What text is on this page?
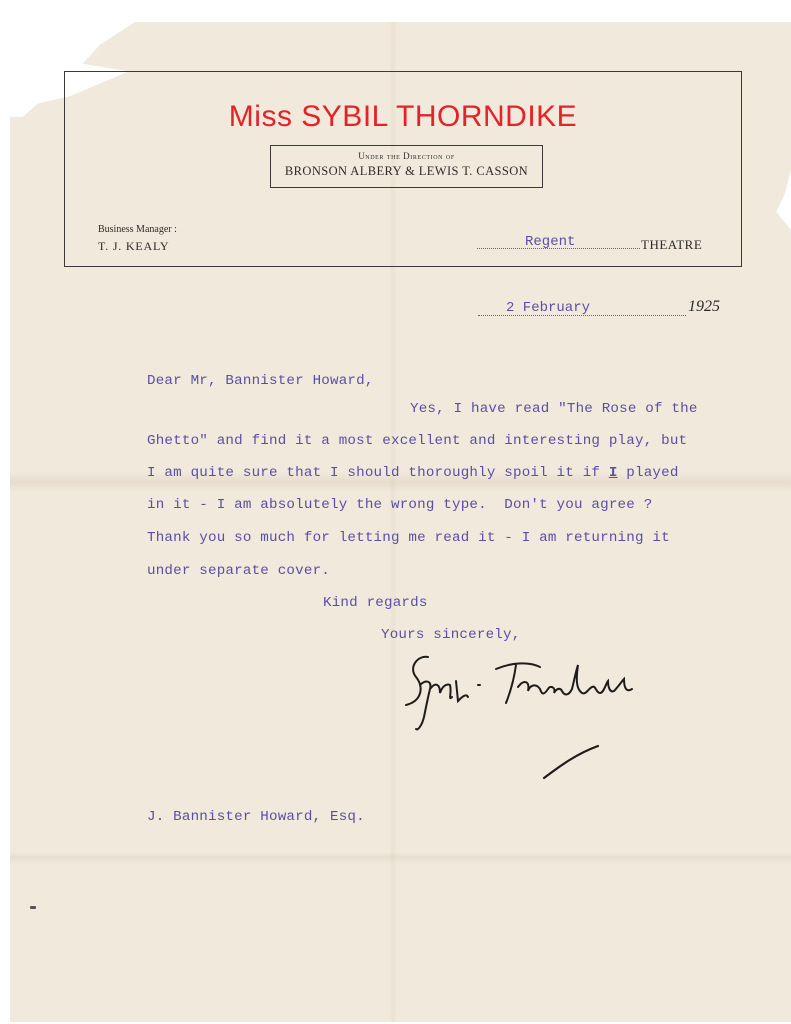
Miss SYBIL THORNDIKE
Under the Direction of
BRONSON ALBERY & LEWIS T. CASSON
Business Manager :
T. J. KEALY	Regent	THEATRE
2 February	1925
Dear Mr, Bannister Howard,
Yes, I have read "The Rose of the
Ghetto" and find it a most excellent and interesting play, but
I am quite sure that I should thoroughly spoil it if I played
in it - I am absolutely the wrong type.  Don't you agree ?
Thank you so much for letting me read it - I am returning it
under separate cover.
Kind regards
Yours sincerely,
Sybil Thorndike
J. Bannister Howard, Esq.
